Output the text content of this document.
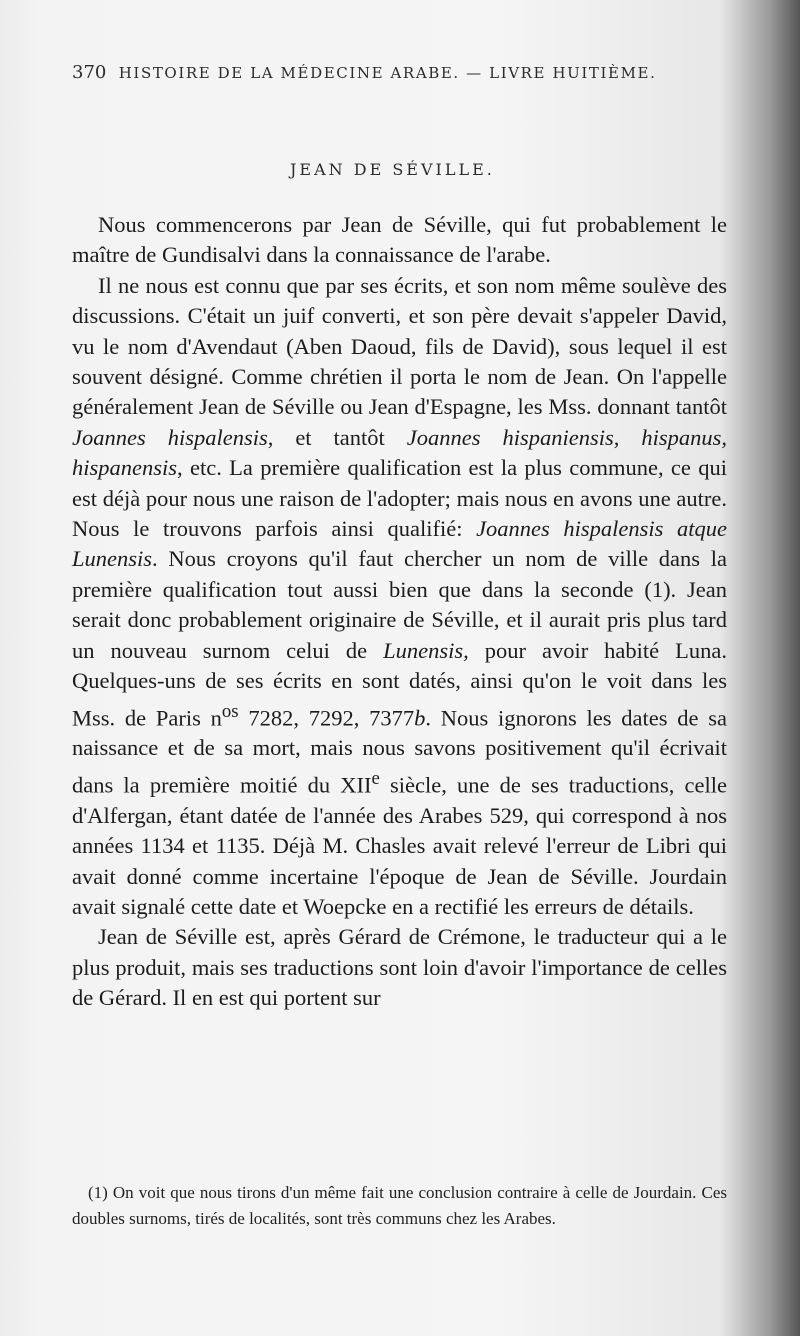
370 HISTOIRE DE LA MÉDECINE ARABE. — LIVRE HUITIÈME.
JEAN DE SÉVILLE.

Nous commencerons par Jean de Séville, qui fut probablement le maître de Gundisalvi dans la connaissance de l'arabe.

Il ne nous est connu que par ses écrits, et son nom même soulève des discussions. C'était un juif converti, et son père devait s'appeler David, vu le nom d'Avendaut (Aben Daoud, fils de David), sous lequel il est souvent désigné. Comme chrétien il porta le nom de Jean. On l'appelle généralement Jean de Séville ou Jean d'Espagne, les Mss. donnant tantôt Joannes hispalensis, et tantôt Joannes hispaniensis, hispanus, hispanensis, etc. La première qualification est la plus commune, ce qui est déjà pour nous une raison de l'adopter; mais nous en avons une autre. Nous le trouvons parfois ainsi qualifié: Joannes hispalensis atque Lunensis. Nous croyons qu'il faut chercher un nom de ville dans la première qualification tout aussi bien que dans la seconde (1). Jean serait donc probablement originaire de Séville, et il aurait pris plus tard un nouveau surnom celui de Lunensis, pour avoir habité Luna. Quelques-uns de ses écrits en sont datés, ainsi qu'on le voit dans les Mss. de Paris $n^{os}$ 7282, 7292, 7377b. Nous ignorons les dates de sa naissance et de sa mort, mais nous savons positivement qu'il écrivait dans la première moitié du XIIe siècle, une de ses traductions, celle d'Alfergan, étant datée de l'année des Arabes 529, qui correspond à nos années 1134 et 1135. Déjà M. Chasles avait relevé l'erreur de Libri qui avait donné comme incertaine l'époque de Jean de Séville. Jourdain avait signalé cette date et Woepcke en a rectifié les erreurs de détails.

Jean de Séville est, après Gérard de Crémone, le traducteur qui a le plus produit, mais ses traductions sont loin d'avoir l'importance de celles de Gérard. Il en est qui portent sur

(1) On voit que nous tirons d'un même fait une conclusion contraire à celle de Jourdain. Ces doubles surnoms, tirés de localités, sont très communs chez les Arabes.
